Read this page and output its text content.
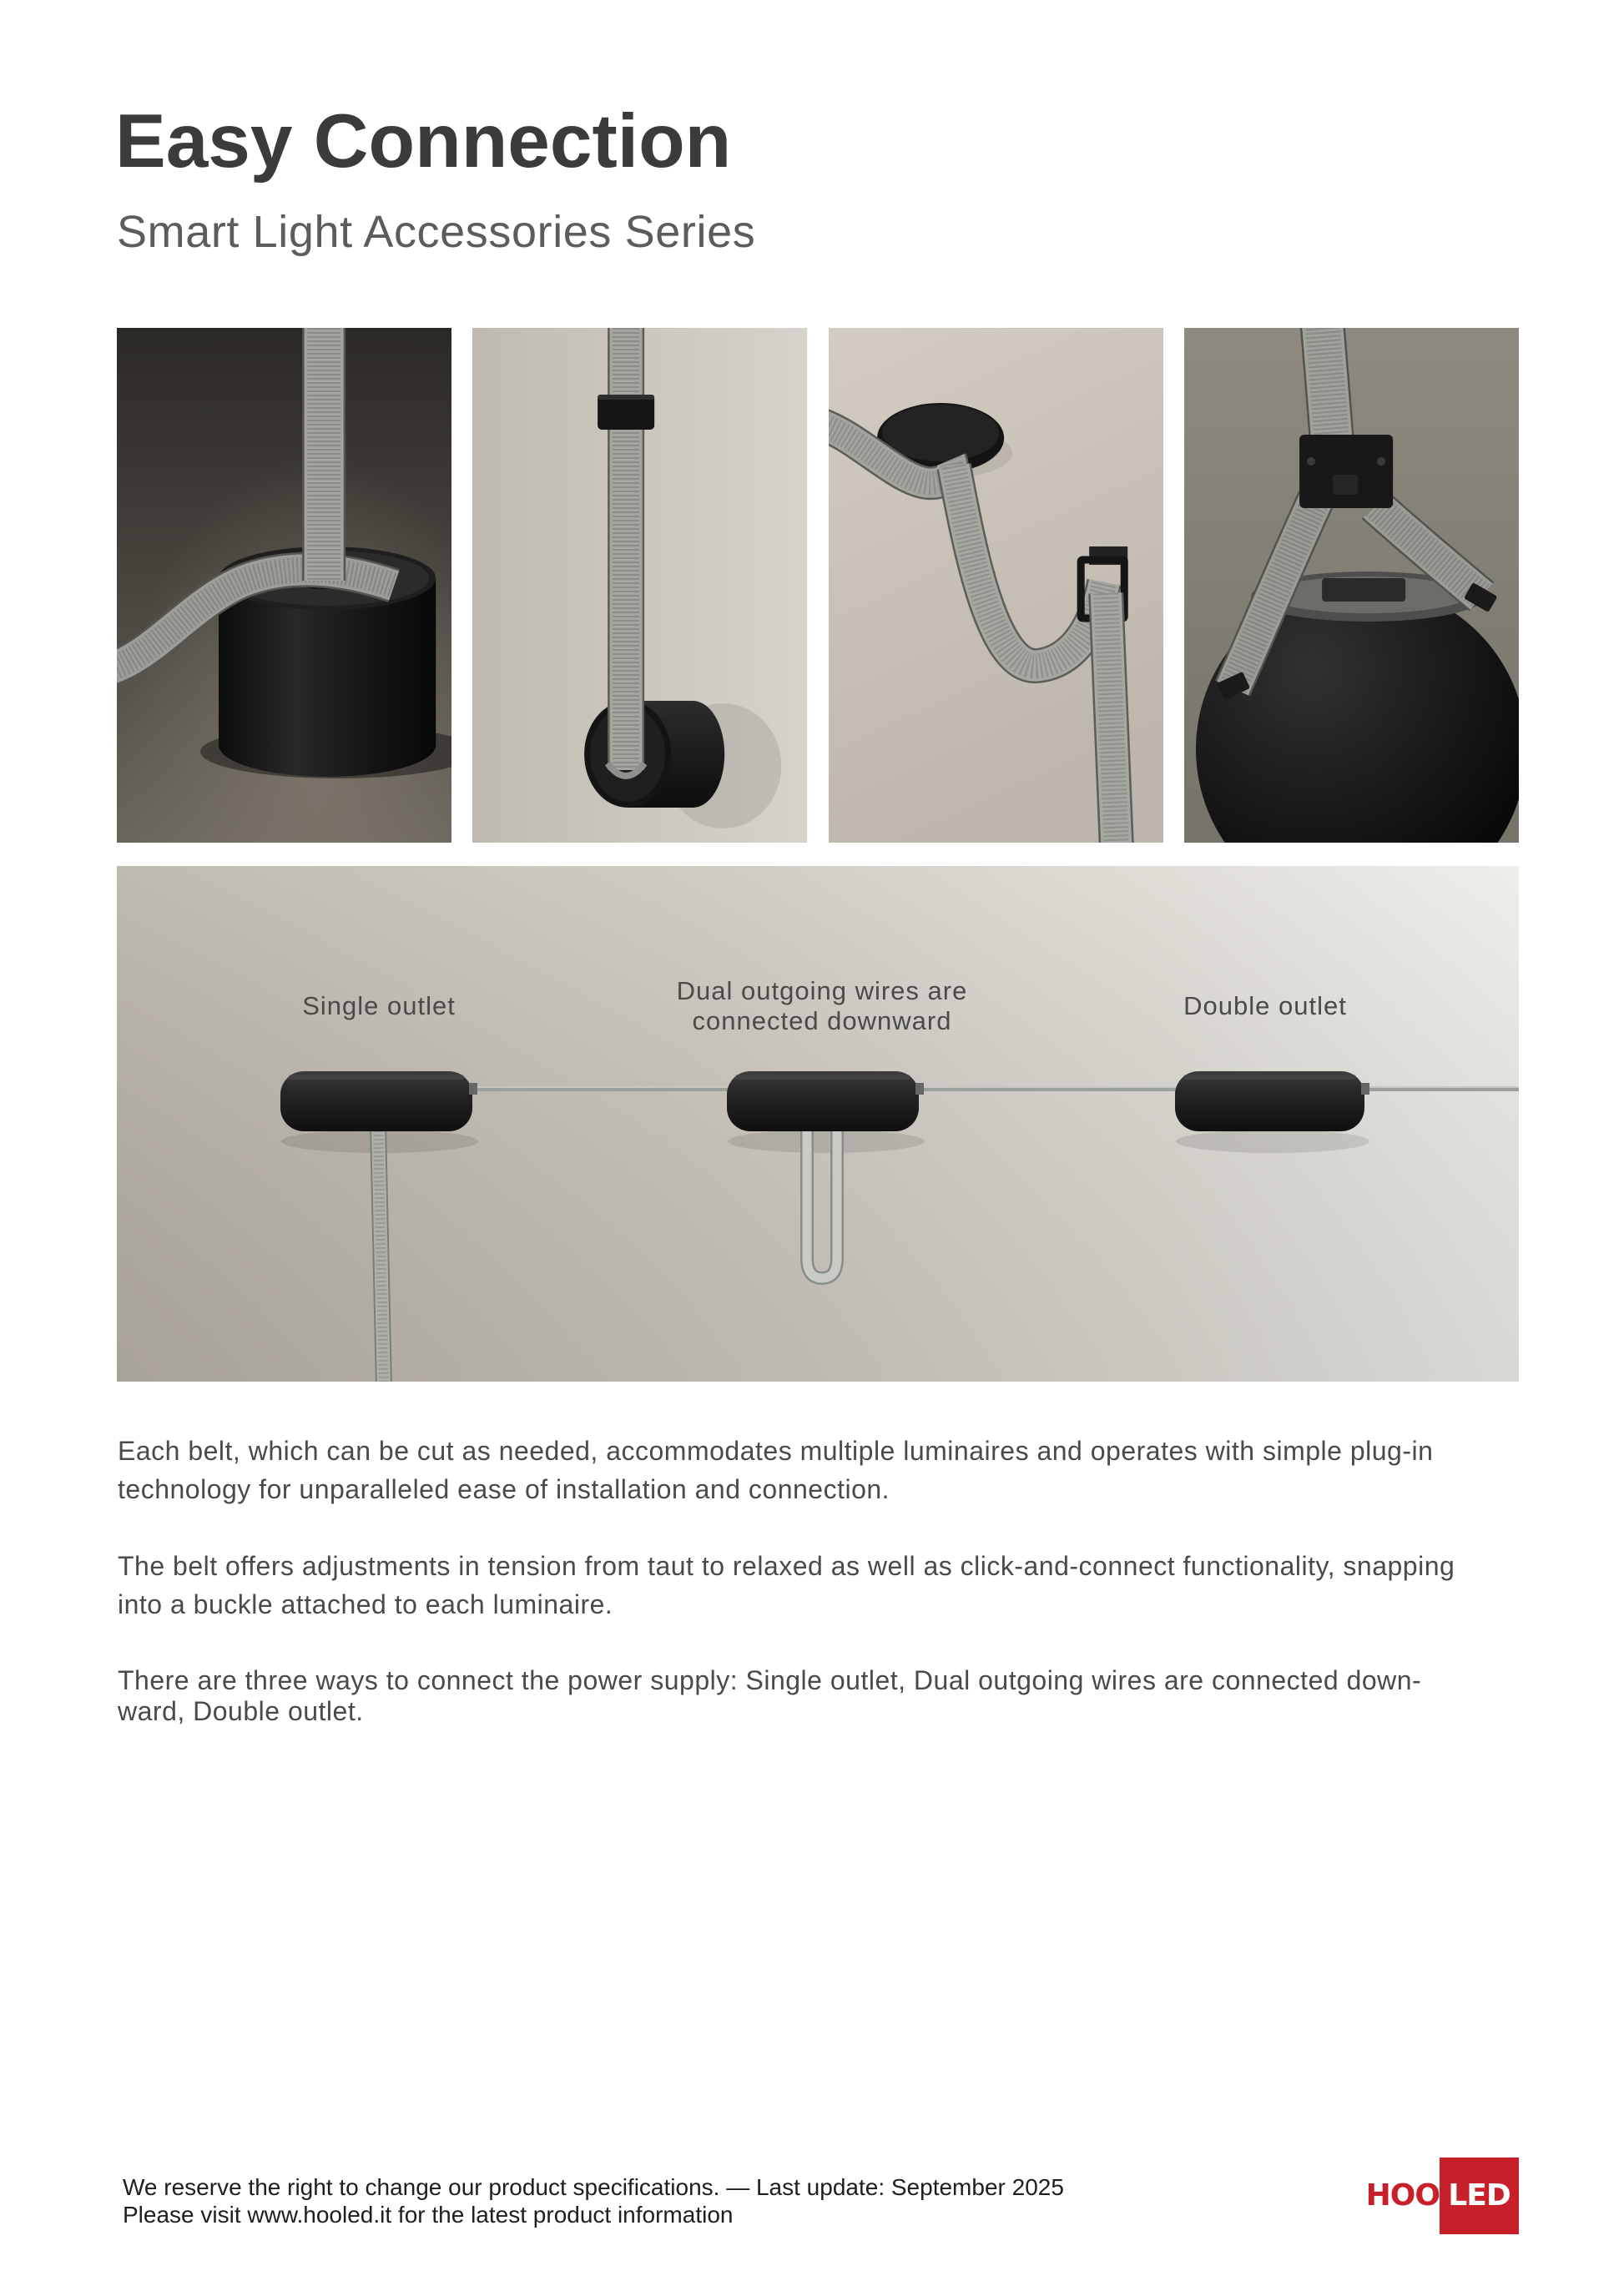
Easy Connection
Smart Light Accessories Series
Single outlet
Dual outgoing wires are
connected downward
Double outlet

Each belt, which can be cut as needed, accommodates multiple luminaires and operates with simple plug-in
technology for unparalleled ease of installation and connection.

The belt offers adjustments in tension from taut to relaxed as well as click-and-connect functionality, snapping
into a buckle attached to each luminaire.

There are three ways to connect the power supply: Single outlet, Dual outgoing wires are connected down-
ward, Double outlet.

We reserve the right to change our product specifications. — Last update: September 2025
Please visit www.hooled.it for the latest product information
HOO LED
